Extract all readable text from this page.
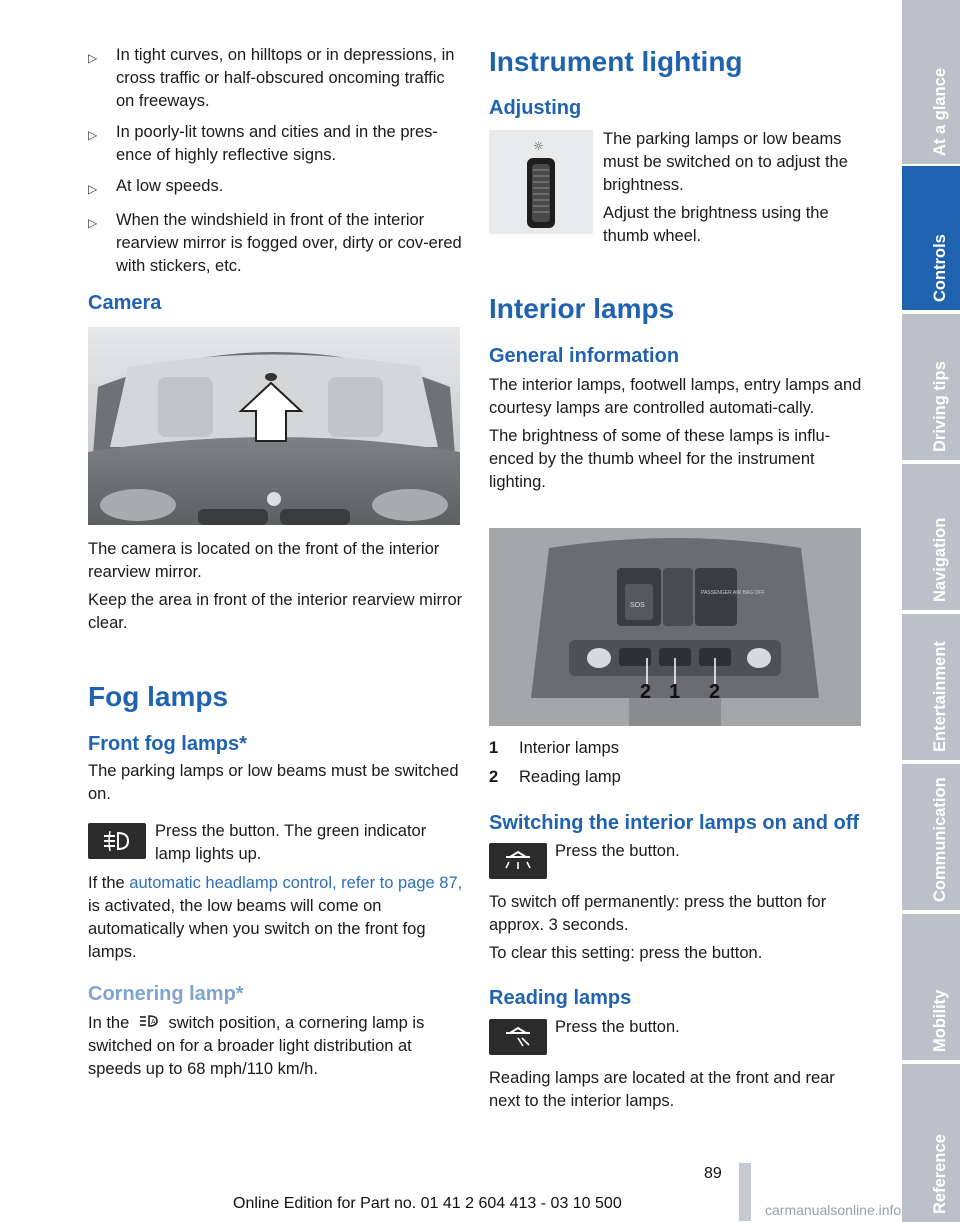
▷	In tight curves, on hilltops or in depressions, in cross traffic or half-obscured oncoming traffic on freeways.
▷	In poorly-lit towns and cities and in the pres-ence of highly reflective signs.
▷	At low speeds.
▷	When the windshield in front of the interior rearview mirror is fogged over, dirty or cov-ered with stickers, etc.
Camera
The camera is located on the front of the interior rearview mirror.
Keep the area in front of the interior rearview mirror clear.
Fog lamps
Front fog lamps*
The parking lamps or low beams must be switched on.
Press the button. The green indicator lamp lights up.
If the automatic headlamp control, refer to page 87, is activated, the low beams will come on automatically when you switch on the front fog lamps.
Cornering lamp*
In the	A switch position, a cornering lamp is switched on for a broader light distribution at speeds up to 68 mph/110 km/h.
Instrument lighting
Adjusting
☼	The parking lamps or low beams must be switched on to adjust the brightness.
Adjust the brightness using the thumb wheel.
Interior lamps
General information
The interior lamps, footwell lamps, entry lamps and courtesy lamps are controlled automati-cally.
The brightness of some of these lamps is influ-enced by the thumb wheel for the instrument lighting.
SOS
PASSENGER AIR BAG OFF
2 1 2
1	Interior lamps
2	Reading lamp
Switching the interior lamps on and off
Press the button.
To switch off permanently: press the button for approx. 3 seconds.
To clear this setting: press the button.
Reading lamps
Press the button.
Reading lamps are located at the front and rear next to the interior lamps.
At a glance
Controls
Driving tips
Navigation
Entertainment
Communication
Mobility
Reference
89
Online Edition for Part no. 01 41 2 604 413 - 03 10 500	carmanualsonline.info
